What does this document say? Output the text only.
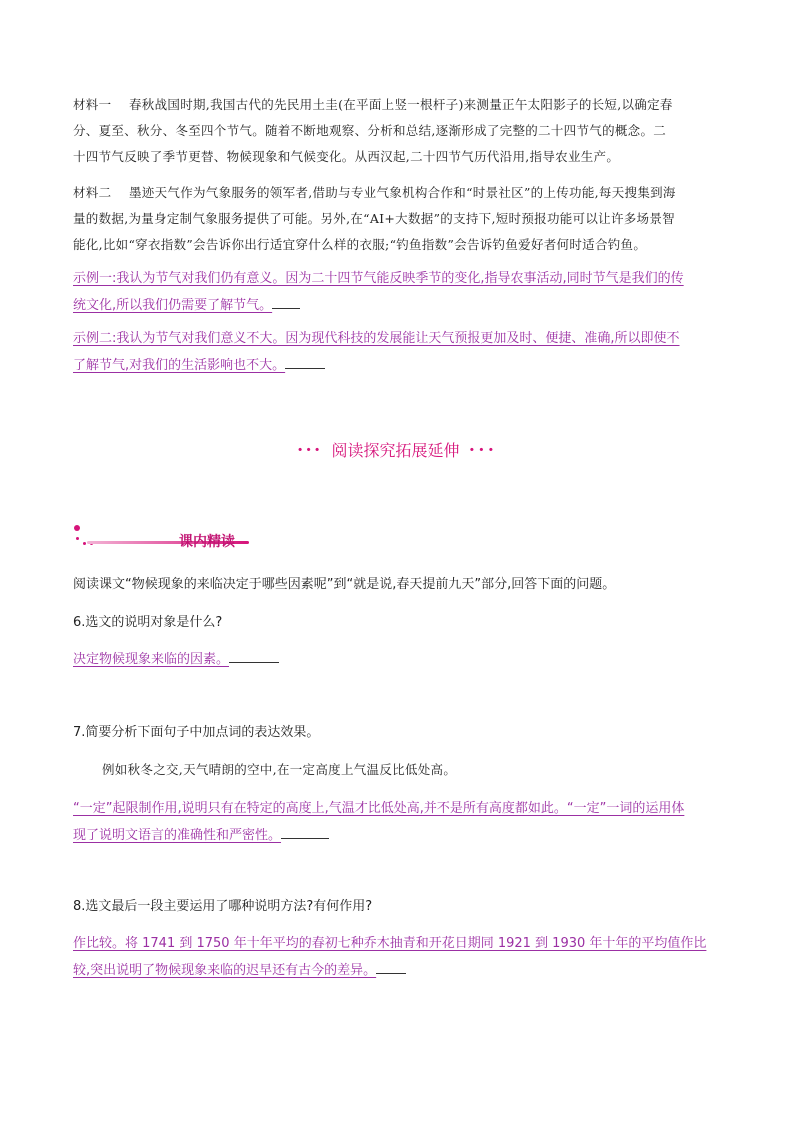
材料一 春秋战国时期,我国古代的先民用土圭(在平面上竖一根杆子)来测量正午太阳影子的长短,以确定春
分、夏至、秋分、冬至四个节气。随着不断地观察、分析和总结,逐渐形成了完整的二十四节气的概念。二
十四节气反映了季节更替、物候现象和气候变化。从西汉起,二十四节气历代沿用,指导农业生产。
材料二 墨迹天气作为气象服务的领军者,借助与专业气象机构合作和“时景社区”的上传功能,每天搜集到海
量的数据,为量身定制气象服务提供了可能。另外,在“AI+大数据”的支持下,短时预报功能可以让许多场景智
能化,比如“穿衣指数”会告诉你出行适宜穿什么样的衣服;“钓鱼指数”会告诉钓鱼爱好者何时适合钓鱼。
示例一:我认为节气对我们仍有意义。因为二十四节气能反映季节的变化,指导农事活动,同时节气是我们的传
统文化,所以我们仍需要了解节气。
示例二:我认为节气对我们意义不大。因为现代科技的发展能让天气预报更加及时、便捷、准确,所以即使不
了解节气,对我们的生活影响也不大。
••• 阅读探究拓展延伸 •••
课内精读
阅读课文“物候现象的来临决定于哪些因素呢”到“就是说,春天提前九天”部分,回答下面的问题。
6.选文的说明对象是什么?
决定物候现象来临的因素。
7.简要分析下面句子中加点词的表达效果。
例如秋冬之交,天气晴朗的空中,在一定高度上气温反比低处高。
“一定”起限制作用,说明只有在特定的高度上,气温才比低处高,并不是所有高度都如此。“一定”一词的运用体
现了说明文语言的准确性和严密性。
8.选文最后一段主要运用了哪种说明方法?有何作用?
作比较。将 1741 到 1750 年十年平均的春初七种乔木抽青和开花日期同 1921 到 1930 年十年的平均值作比
较,突出说明了物候现象来临的迟早还有古今的差异。
